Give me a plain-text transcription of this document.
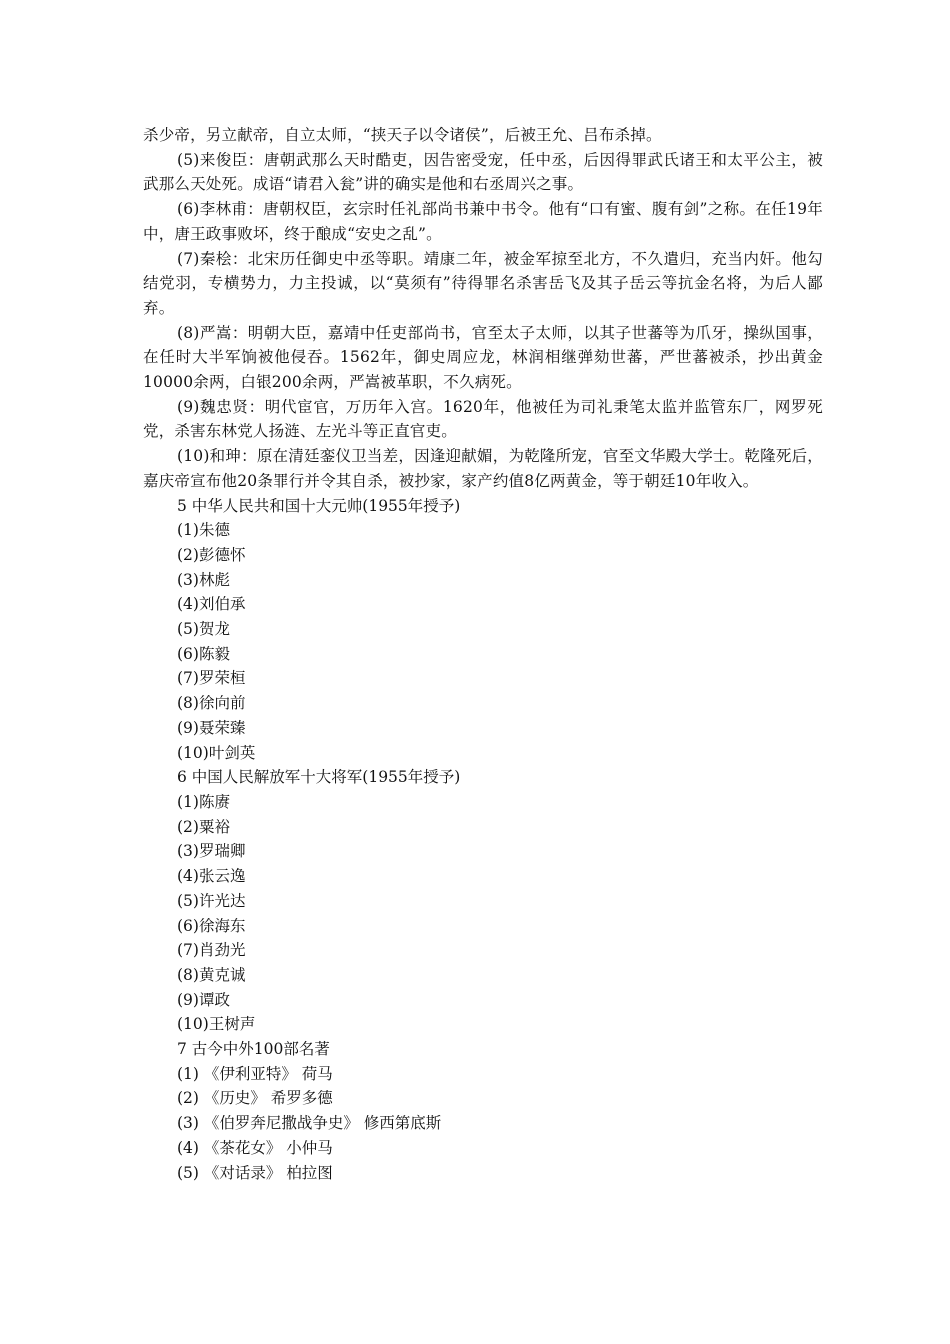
杀少帝，另立献帝，自立太师，“挟天子以令诸侯”，后被王允、吕布杀掉。

(5)来俊臣：唐朝武那么天时酷吏，因告密受宠，任中丞，后因得罪武氏诸王和太平公主，被武那么天处死。成语“请君入瓮”讲的确实是他和右丞周兴之事。

(6)李林甫：唐朝权臣，玄宗时任礼部尚书兼中书令。他有“口有蜜、腹有剑”之称。在任19年中，唐王政事败坏，终于酿成“安史之乱”。

(7)秦桧：北宋历任御史中丞等职。靖康二年，被金军掠至北方，不久遣归，充当内奸。他勾结党羽，专横势力，力主投诚，以“莫须有”待得罪名杀害岳飞及其子岳云等抗金名将，为后人鄙弃。

(8)严嵩：明朝大臣，嘉靖中任吏部尚书，官至太子太师，以其子世蕃等为爪牙，操纵国事，在任时大半军饷被他侵吞。1562年，御史周应龙，林润相继弹劾世蕃，严世蕃被杀，抄出黄金10000余两，白银200余两，严嵩被革职，不久病死。

(9)魏忠贤：明代宦官，万历年入宫。1620年，他被任为司礼秉笔太监并监管东厂，网罗死党，杀害东林党人扬涟、左光斗等正直官吏。

(10)和珅：原在清廷銮仪卫当差，因逢迎献媚，为乾隆所宠，官至文华殿大学士。乾隆死后，嘉庆帝宣布他20条罪行并令其自杀，被抄家，家产约值8亿两黄金，等于朝廷10年收入。

5 中华人民共和国十大元帅(1955年授予)

(1)朱德

(2)彭德怀

(3)林彪

(4)刘伯承

(5)贺龙

(6)陈毅

(7)罗荣桓

(8)徐向前

(9)聂荣臻

(10)叶剑英

6 中国人民解放军十大将军(1955年授予)

(1)陈赓

(2)粟裕

(3)罗瑞卿

(4)张云逸

(5)许光达

(6)徐海东

(7)肖劲光

(8)黄克诚

(9)谭政

(10)王树声

7 古今中外100部名著

(1) 《伊利亚特》 荷马

(2) 《历史》 希罗多德

(3) 《伯罗奔尼撒战争史》 修西第底斯

(4) 《茶花女》 小仲马

(5) 《对话录》 柏拉图
